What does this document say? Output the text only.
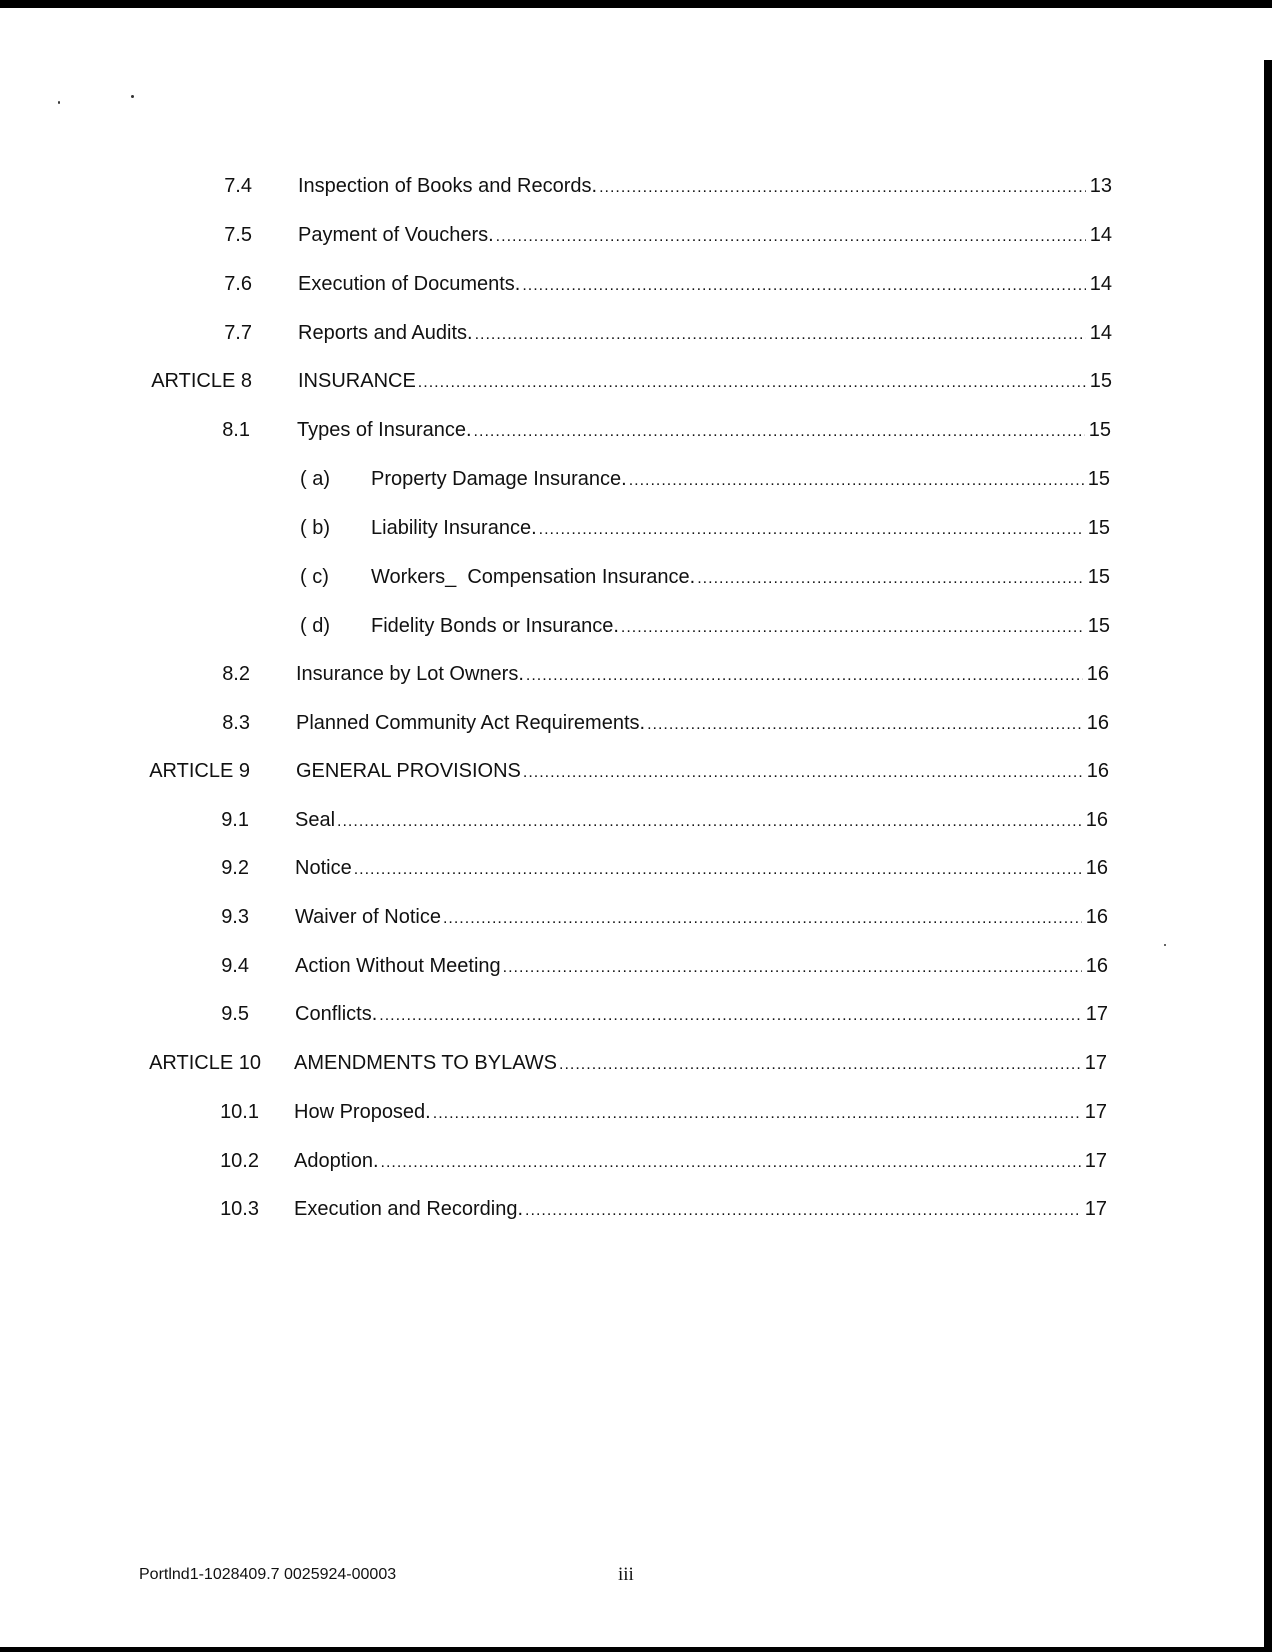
7.4 Inspection of Books and Records. .....	13
7.5 Payment of Vouchers. .....	14
7.6 Execution of Documents. .....	14
7.7 Reports and Audits. .....	14
ARTICLE 8 INSURANCE .....	15
8.1 Types of Insurance. .....	15
( a)	Property Damage Insurance. .....	15
( b)	Liability Insurance. .....	15
( c)	Workers_  Compensation Insurance. .....	15
( d)	Fidelity Bonds or Insurance. .....	15
8.2 Insurance by Lot Owners. .....	16
8.3 Planned Community Act Requirements. .....	16
ARTICLE 9 GENERAL PROVISIONS .....	16
9.1 Seal .....	16
9.2 Notice .....	16
9.3 Waiver of Notice .....	16
9.4 Action Without Meeting .....	16
9.5 Conflicts. .....	17
ARTICLE 10 AMENDMENTS TO BYLAWS .....	17
10.1 How Proposed. .....	17
10.2 Adoption. .....	17
10.3 Execution and Recording. .....	17
Portlnd1-1028409.7 0025924-00003	iii
